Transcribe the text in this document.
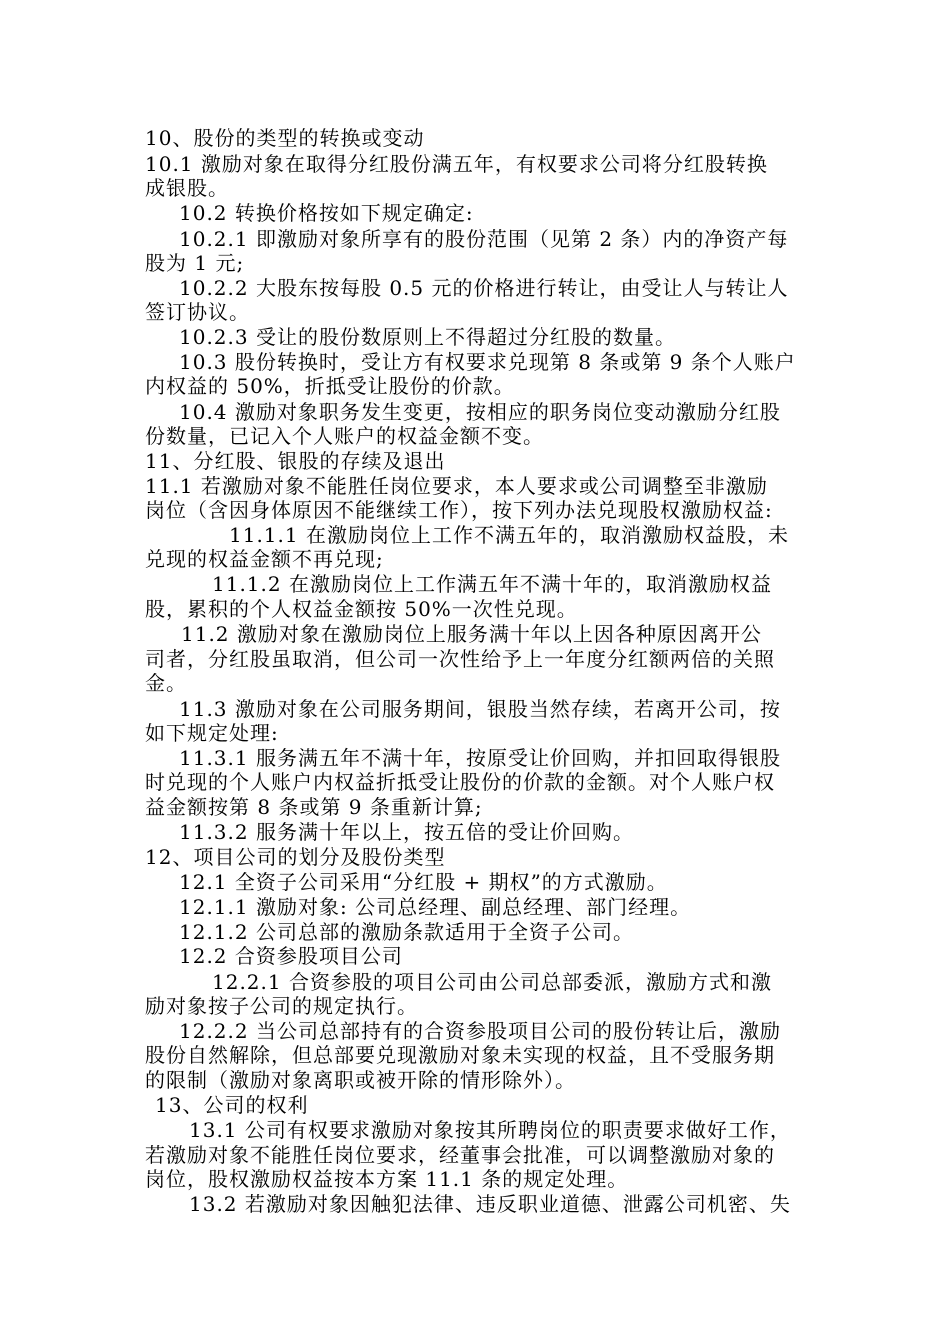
10、股份的类型的转换或变动
10.1 激励对象在取得分红股份满五年，有权要求公司将分红股转换
成银股。
10.2 转换价格按如下规定确定:
10.2.1 即激励对象所享有的股份范围（见第 2 条）内的净资产每
股为 1 元;
10.2.2 大股东按每股 0.5 元的价格进行转让，由受让人与转让人
签订协议。
10.2.3 受让的股份数原则上不得超过分红股的数量。
10.3 股份转换时，受让方有权要求兑现第 8 条或第 9 条个人账户
内权益的 50%，折抵受让股份的价款。
10.4 激励对象职务发生变更，按相应的职务岗位变动激励分红股
份数量，已记入个人账户的权益金额不变。
11、分红股、银股的存续及退出
11.1 若激励对象不能胜任岗位要求，本人要求或公司调整至非激励
岗位（含因身体原因不能继续工作），按下列办法兑现股权激励权益:
11.1.1 在激励岗位上工作不满五年的，取消激励权益股，未
兑现的权益金额不再兑现;
11.1.2 在激励岗位上工作满五年不满十年的，取消激励权益
股，累积的个人权益金额按 50%一次性兑现。
11.2 激励对象在激励岗位上服务满十年以上因各种原因离开公
司者，分红股虽取消，但公司一次性给予上一年度分红额两倍的关照
金。
11.3 激励对象在公司服务期间，银股当然存续，若离开公司，按
如下规定处理:
11.3.1 服务满五年不满十年，按原受让价回购，并扣回取得银股
时兑现的个人账户内权益折抵受让股份的价款的金额。对个人账户权
益金额按第 8 条或第 9 条重新计算;
11.3.2 服务满十年以上，按五倍的受让价回购。
12、项目公司的划分及股份类型
12.1 全资子公司采用“分红股 + 期权”的方式激励。
12.1.1 激励对象: 公司总经理、副总经理、部门经理。
12.1.2 公司总部的激励条款适用于全资子公司。
12.2 合资参股项目公司
12.2.1 合资参股的项目公司由公司总部委派，激励方式和激
励对象按子公司的规定执行。
12.2.2 当公司总部持有的合资参股项目公司的股份转让后，激励
股份自然解除，但总部要兑现激励对象未实现的权益，且不受服务期
的限制（激励对象离职或被开除的情形除外）。
13、公司的权利
13.1 公司有权要求激励对象按其所聘岗位的职责要求做好工作，
若激励对象不能胜任岗位要求，经董事会批准，可以调整激励对象的
岗位，股权激励权益按本方案 11.1 条的规定处理。
13.2 若激励对象因触犯法律、违反职业道德、泄露公司机密、失
